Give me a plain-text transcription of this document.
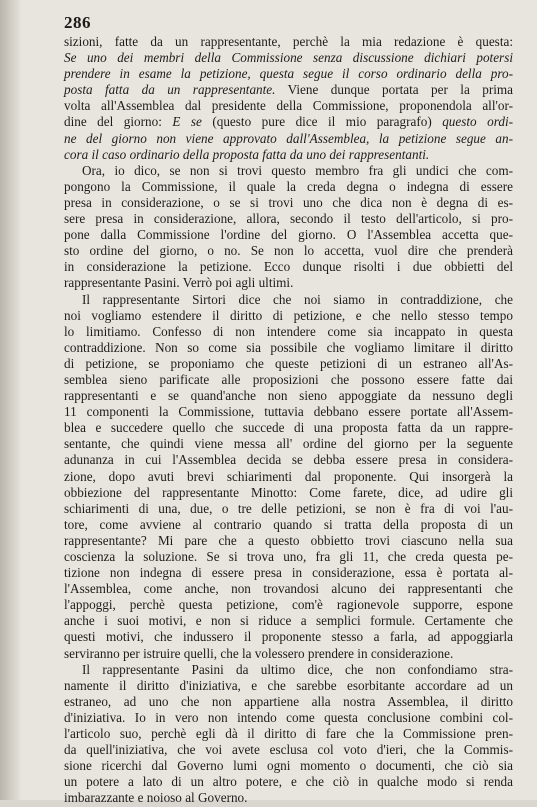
286
sizioni, fatte da un rappresentante, perchè la mia redazione è questa:
Se uno dei membri della Commissione senza discussione dichiari potersi
prendere in esame la petizione, questa segue il corso ordinario della pro-
posta fatta da un rappresentante. Viene dunque portata per la prima
volta all'Assemblea dal presidente della Commissione, proponendola all'or-
dine del giorno: E se (questo pure dice il mio paragrafo) questo ordi-
ne del giorno non viene approvato dall'Assemblea, la petizione segue an-
cora il caso ordinario della proposta fatta da uno dei rappresentanti.
Ora, io dico, se non si trovi questo membro fra gli undici che com-
pongono la Commissione, il quale la creda degna o indegna di essere
presa in considerazione, o se si trovi uno che dica non è degna di es-
sere presa in considerazione, allora, secondo il testo dell'articolo, si pro-
pone dalla Commissione l'ordine del giorno. O l'Assemblea accetta que-
sto ordine del giorno, o no. Se non lo accetta, vuol dire che prenderà
in considerazione la petizione. Ecco dunque risolti i due obbietti del
rappresentante Pasini. Verrò poi agli ultimi.
Il rappresentante Sirtori dice che noi siamo in contraddizione, che
noi vogliamo estendere il diritto di petizione, e che nello stesso tempo
lo limitiamo. Confesso di non intendere come sia incappato in questa
contraddizione. Non so come sia possibile che vogliamo limitare il diritto
di petizione, se proponiamo che queste petizioni di un estraneo all'As-
semblea sieno parificate alle proposizioni che possono essere fatte dai
rappresentanti e se quand'anche non sieno appoggiate da nessuno degli
11 componenti la Commissione, tuttavia debbano essere portate all'Assem-
blea e succedere quello che succede di una proposta fatta da un rappre-
sentante, che quindi viene messa all' ordine del giorno per la seguente
adunanza in cui l'Assemblea decida se debba essere presa in considera-
zione, dopo avuti brevi schiarimenti dal proponente. Qui insorgerà la
obbiezione del rappresentante Minotto: Come farete, dice, ad udire gli
schiarimenti di una, due, o tre delle petizioni, se non è fra di voi l'au-
tore, come avviene al contrario quando si tratta della proposta di un
rappresentante? Mi pare che a questo obbietto trovi ciascuno nella sua
coscienza la soluzione. Se si trova uno, fra gli 11, che creda questa pe-
tizione non indegna di essere presa in considerazione, essa è portata al-
l'Assemblea, come anche, non trovandosi alcuno dei rappresentanti che
l'appoggi, perchè questa petizione, com'è ragionevole supporre, espone
anche i suoi motivi, e non si riduce a semplici formule. Certamente che
questi motivi, che indussero il proponente stesso a farla, ad appoggiarla
serviranno per istruire quelli, che la volessero prendere in considerazione.
Il rappresentante Pasini da ultimo dice, che non confondiamo stra-
namente il diritto d'iniziativa, e che sarebbe esorbitante accordare ad un
estraneo, ad uno che non appartiene alla nostra Assemblea, il diritto
d'iniziativa. Io in vero non intendo come questa conclusione combini col-
l'articolo suo, perchè egli dà il diritto di fare che la Commissione pren-
da quell'iniziativa, che voi avete esclusa col voto d'ieri, che la Commis-
sione ricerchi dal Governo lumi ogni momento o documenti, che ciò sia
un potere a lato di un altro potere, e che ciò in qualche modo si renda
imbarazzante e noioso al Governo.
